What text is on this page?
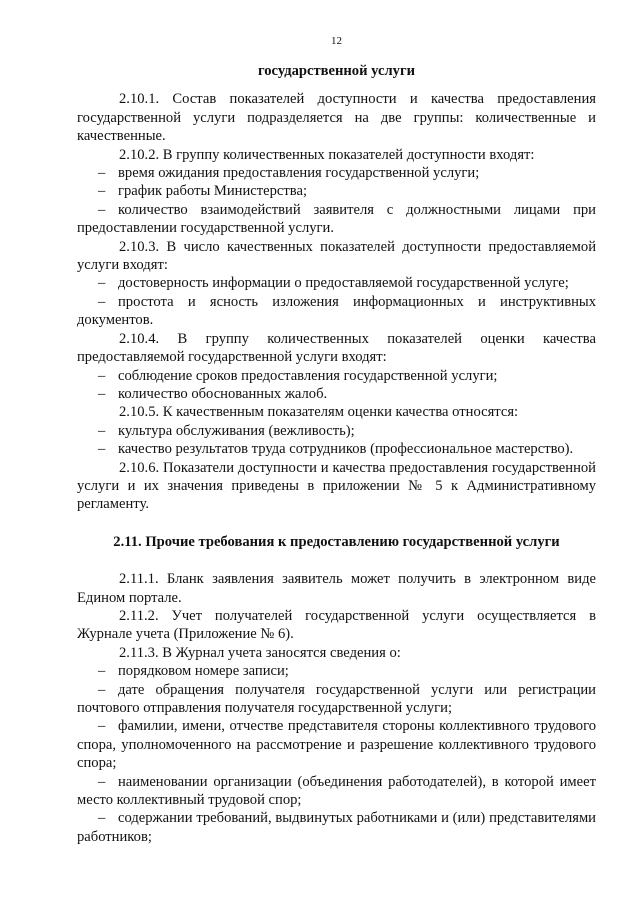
12
государственной услуги

2.10.1. Состав показателей доступности и качества предоставления государственной услуги подразделяется на две группы: количественные и качественные.

2.10.2. В группу количественных показателей доступности входят:

– время ожидания предоставления государственной услуги;

– график работы Министерства;

– количество взаимодействий заявителя с должностными лицами при предоставлении государственной услуги.

2.10.3. В число качественных показателей доступности предоставляемой услуги входят:

– достоверность информации о предоставляемой государственной услуге;

– простота и ясность изложения информационных и инструктивных документов.

2.10.4. В группу количественных показателей оценки качества предоставляемой государственной услуги входят:

– соблюдение сроков предоставления государственной услуги;

– количество обоснованных жалоб.

2.10.5. К качественным показателям оценки качества относятся:

– культура обслуживания (вежливость);

– качество результатов труда сотрудников (профессиональное мастерство).

2.10.6. Показатели доступности и качества предоставления государственной услуги и их значения приведены в приложении № 5 к Административному регламенту.

2.11. Прочие требования к предоставлению государственной услуги

2.11.1. Бланк заявления заявитель может получить в электронном виде Едином портале.

2.11.2. Учет получателей государственной услуги осуществляется в Журнале учета (Приложение № 6).

2.11.3. В Журнал учета заносятся сведения о:

– порядковом номере записи;

– дате обращения получателя государственной услуги или регистрации почтового отправления получателя государственной услуги;

– фамилии, имени, отчестве представителя стороны коллективного трудового спора, уполномоченного на рассмотрение и разрешение коллективного трудового спора;

– наименовании организации (объединения работодателей), в которой имеет место коллективный трудовой спор;

– содержании требований, выдвинутых работниками и (или) представителями работников;
